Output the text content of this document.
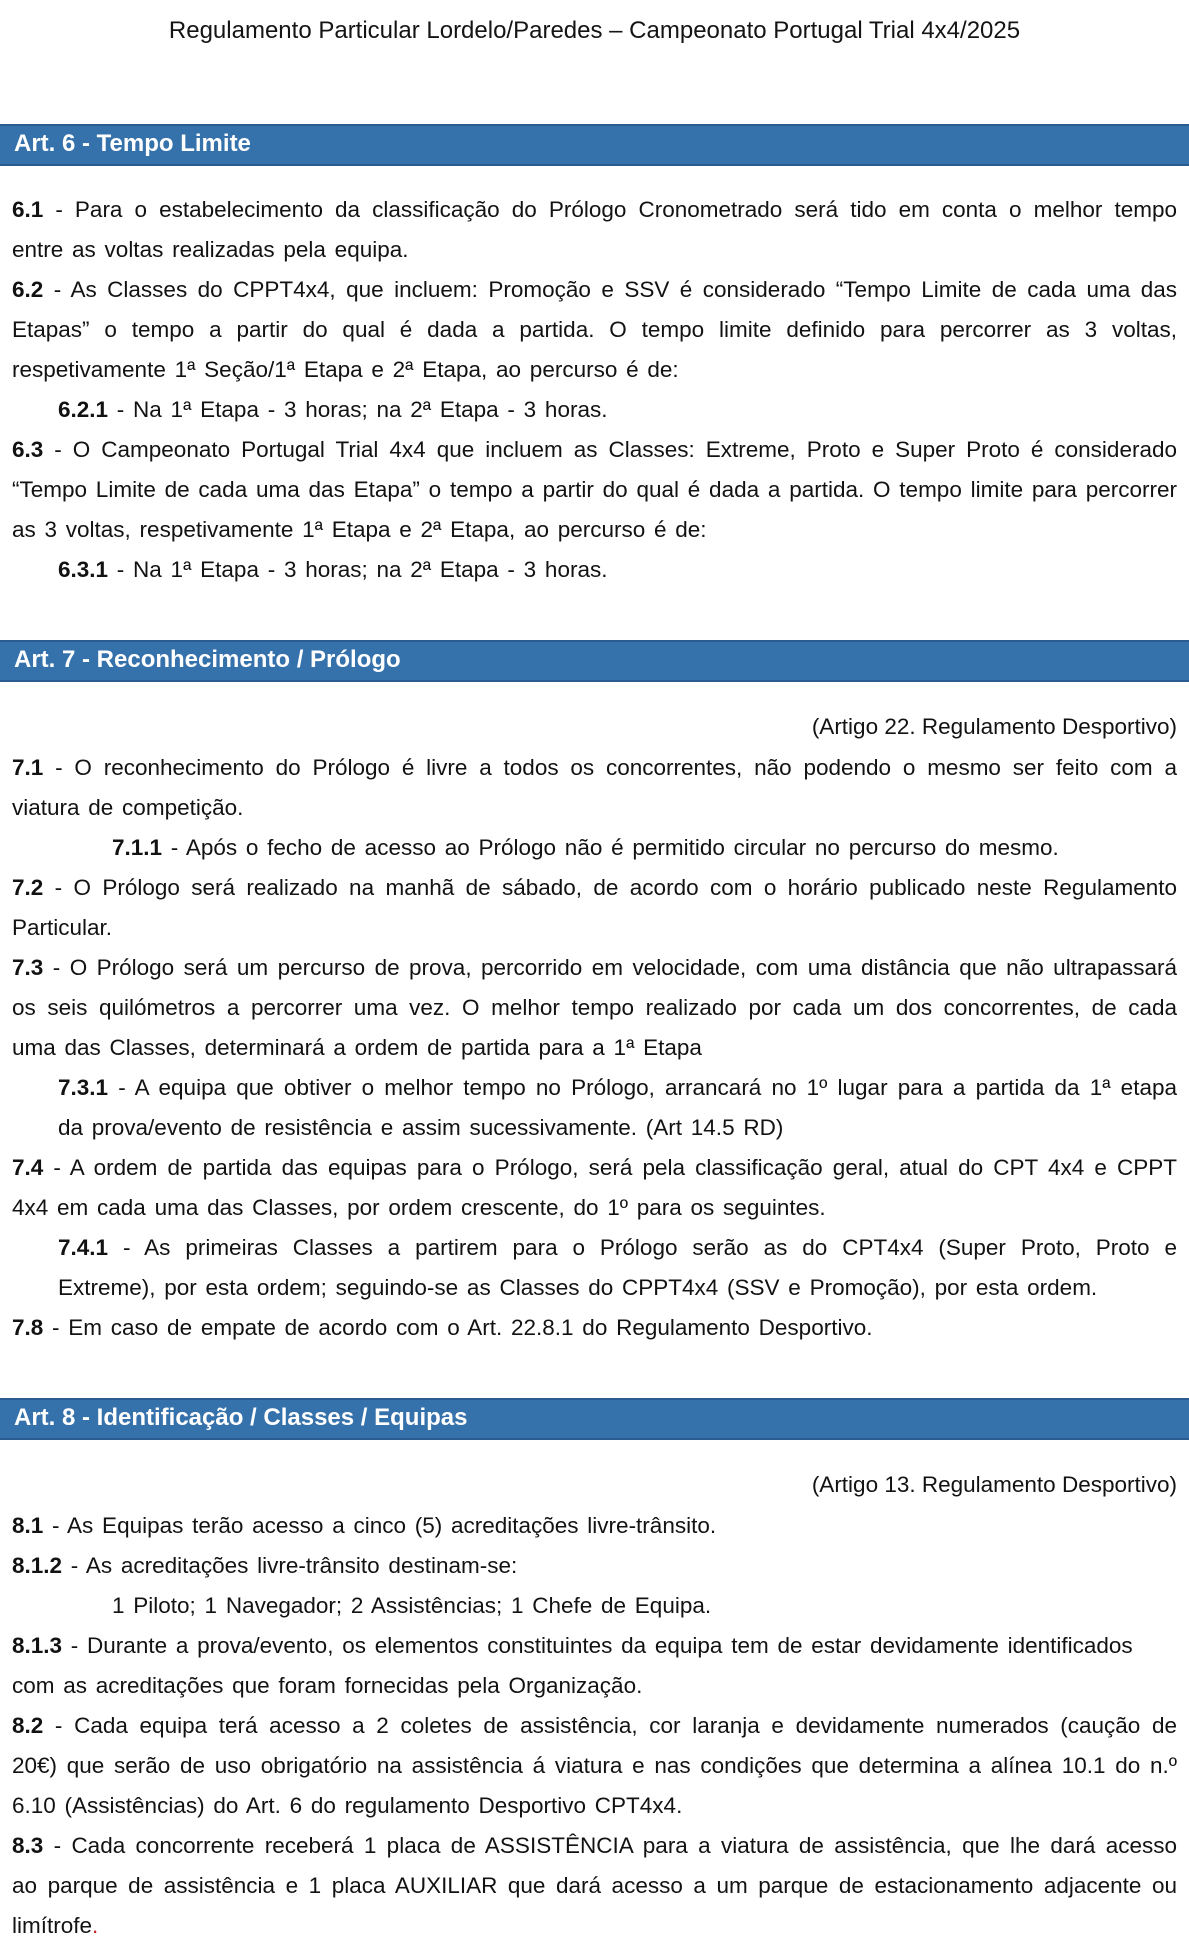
Regulamento Particular Lordelo/Paredes – Campeonato Portugal Trial 4x4/2025
Art. 6 - Tempo Limite

6.1 - Para o estabelecimento da classificação do Prólogo Cronometrado será tido em conta o melhor tempo entre as voltas realizadas pela equipa.

6.2 - As Classes do CPPT4x4, que incluem: Promoção e SSV é considerado “Tempo Limite de cada uma das Etapas” o tempo a partir do qual é dada a partida. O tempo limite definido para percorrer as 3 voltas, respetivamente 1ª Seção/1ª Etapa e 2ª Etapa, ao percurso é de:

6.2.1 - Na 1ª Etapa - 3 horas; na 2ª Etapa - 3 horas.

6.3 - O Campeonato Portugal Trial 4x4 que incluem as Classes: Extreme, Proto e Super Proto é considerado “Tempo Limite de cada uma das Etapa” o tempo a partir do qual é dada a partida. O tempo limite para percorrer as 3 voltas, respetivamente 1ª Etapa e 2ª Etapa, ao percurso é de:

6.3.1 - Na 1ª Etapa - 3 horas; na 2ª Etapa - 3 horas.

Art. 7 - Reconhecimento / Prólogo

(Artigo 22. Regulamento Desportivo)

7.1 - O reconhecimento do Prólogo é livre a todos os concorrentes, não podendo o mesmo ser feito com a viatura de competição.

7.1.1 - Após o fecho de acesso ao Prólogo não é permitido circular no percurso do mesmo.

7.2 - O Prólogo será realizado na manhã de sábado, de acordo com o horário publicado neste Regulamento Particular.

7.3 - O Prólogo será um percurso de prova, percorrido em velocidade, com uma distância que não ultrapassará os seis quilómetros a percorrer uma vez. O melhor tempo realizado por cada um dos concorrentes, de cada uma das Classes, determinará a ordem de partida para a 1ª Etapa

7.3.1 - A equipa que obtiver o melhor tempo no Prólogo, arrancará no 1º lugar para a partida da 1ª etapa da prova/evento de resistência e assim sucessivamente. (Art 14.5 RD)

7.4 - A ordem de partida das equipas para o Prólogo, será pela classificação geral, atual do CPT 4x4 e CPPT 4x4 em cada uma das Classes, por ordem crescente, do 1º para os seguintes.

7.4.1 - As primeiras Classes a partirem para o Prólogo serão as do CPT4x4 (Super Proto, Proto e Extreme), por esta ordem; seguindo-se as Classes do CPPT4x4 (SSV e Promoção), por esta ordem.

7.8 - Em caso de empate de acordo com o Art. 22.8.1 do Regulamento Desportivo.

Art. 8 - Identificação / Classes / Equipas

(Artigo 13. Regulamento Desportivo)

8.1 - As Equipas terão acesso a cinco (5) acreditações livre-trânsito.

8.1.2 - As acreditações livre-trânsito destinam-se:

1 Piloto; 1 Navegador; 2 Assistências; 1 Chefe de Equipa.

8.1.3 - Durante a prova/evento, os elementos constituintes da equipa tem de estar devidamente identificados com as acreditações que foram fornecidas pela Organização.

8.2 - Cada equipa terá acesso a 2 coletes de assistência, cor laranja e devidamente numerados (caução de 20€) que serão de uso obrigatório na assistência á viatura e nas condições que determina a alínea 10.1 do n.º 6.10 (Assistências) do Art. 6 do regulamento Desportivo CPT4x4.

8.3 - Cada concorrente receberá 1 placa de ASSISTÊNCIA para a viatura de assistência, que lhe dará acesso ao parque de assistência e 1 placa AUXILIAR que dará acesso a um parque de estacionamento adjacente ou limítrofe.
